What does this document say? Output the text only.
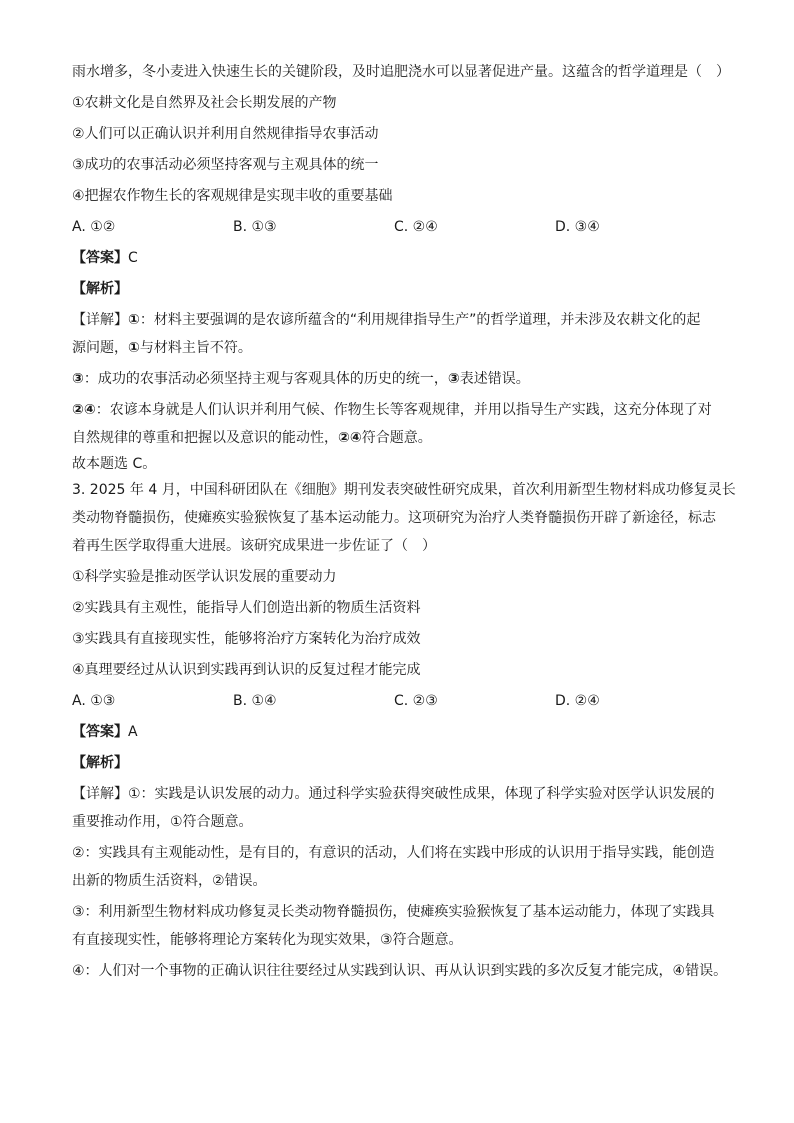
雨水增多，冬小麦进入快速生长的关键阶段，及时追肥浇水可以显著促进产量。这蕴含的哲学道理是（　）
①农耕文化是自然界及社会长期发展的产物
②人们可以正确认识并利用自然规律指导农事活动
③成功的农事活动必须坚持客观与主观具体的统一
④把握农作物生长的客观规律是实现丰收的重要基础
A. ①②	B. ①③	C. ②④	D. ③④
【答案】C
【解析】
【详解】①：材料主要强调的是农谚所蕴含的“利用规律指导生产”的哲学道理，并未涉及农耕文化的起
源问题，①与材料主旨不符。
③：成功的农事活动必须坚持主观与客观具体的历史的统一，③表述错误。
②④：农谚本身就是人们认识并利用气候、作物生长等客观规律，并用以指导生产实践，这充分体现了对
自然规律的尊重和把握以及意识的能动性，②④符合题意。
故本题选 C。
3. 2025 年 4 月，中国科研团队在《细胞》期刊发表突破性研究成果，首次利用新型生物材料成功修复灵长
类动物脊髓损伤，使瘫痪实验猴恢复了基本运动能力。这项研究为治疗人类脊髓损伤开辟了新途径，标志
着再生医学取得重大进展。该研究成果进一步佐证了（　）
①科学实验是推动医学认识发展的重要动力
②实践具有主观性，能指导人们创造出新的物质生活资料
③实践具有直接现实性，能够将治疗方案转化为治疗成效
④真理要经过从认识到实践再到认识的反复过程才能完成
A. ①③	B. ①④	C. ②③	D. ②④
【答案】A
【解析】
【详解】①：实践是认识发展的动力。通过科学实验获得突破性成果，体现了科学实验对医学认识发展的
重要推动作用，①符合题意。
②：实践具有主观能动性，是有目的，有意识的活动，人们将在实践中形成的认识用于指导实践，能创造
出新的物质生活资料，②错误。
③：利用新型生物材料成功修复灵长类动物脊髓损伤，使瘫痪实验猴恢复了基本运动能力，体现了实践具
有直接现实性，能够将理论方案转化为现实效果，③符合题意。
④：人们对一个事物的正确认识往往要经过从实践到认识、再从认识到实践的多次反复才能完成，④错误。
